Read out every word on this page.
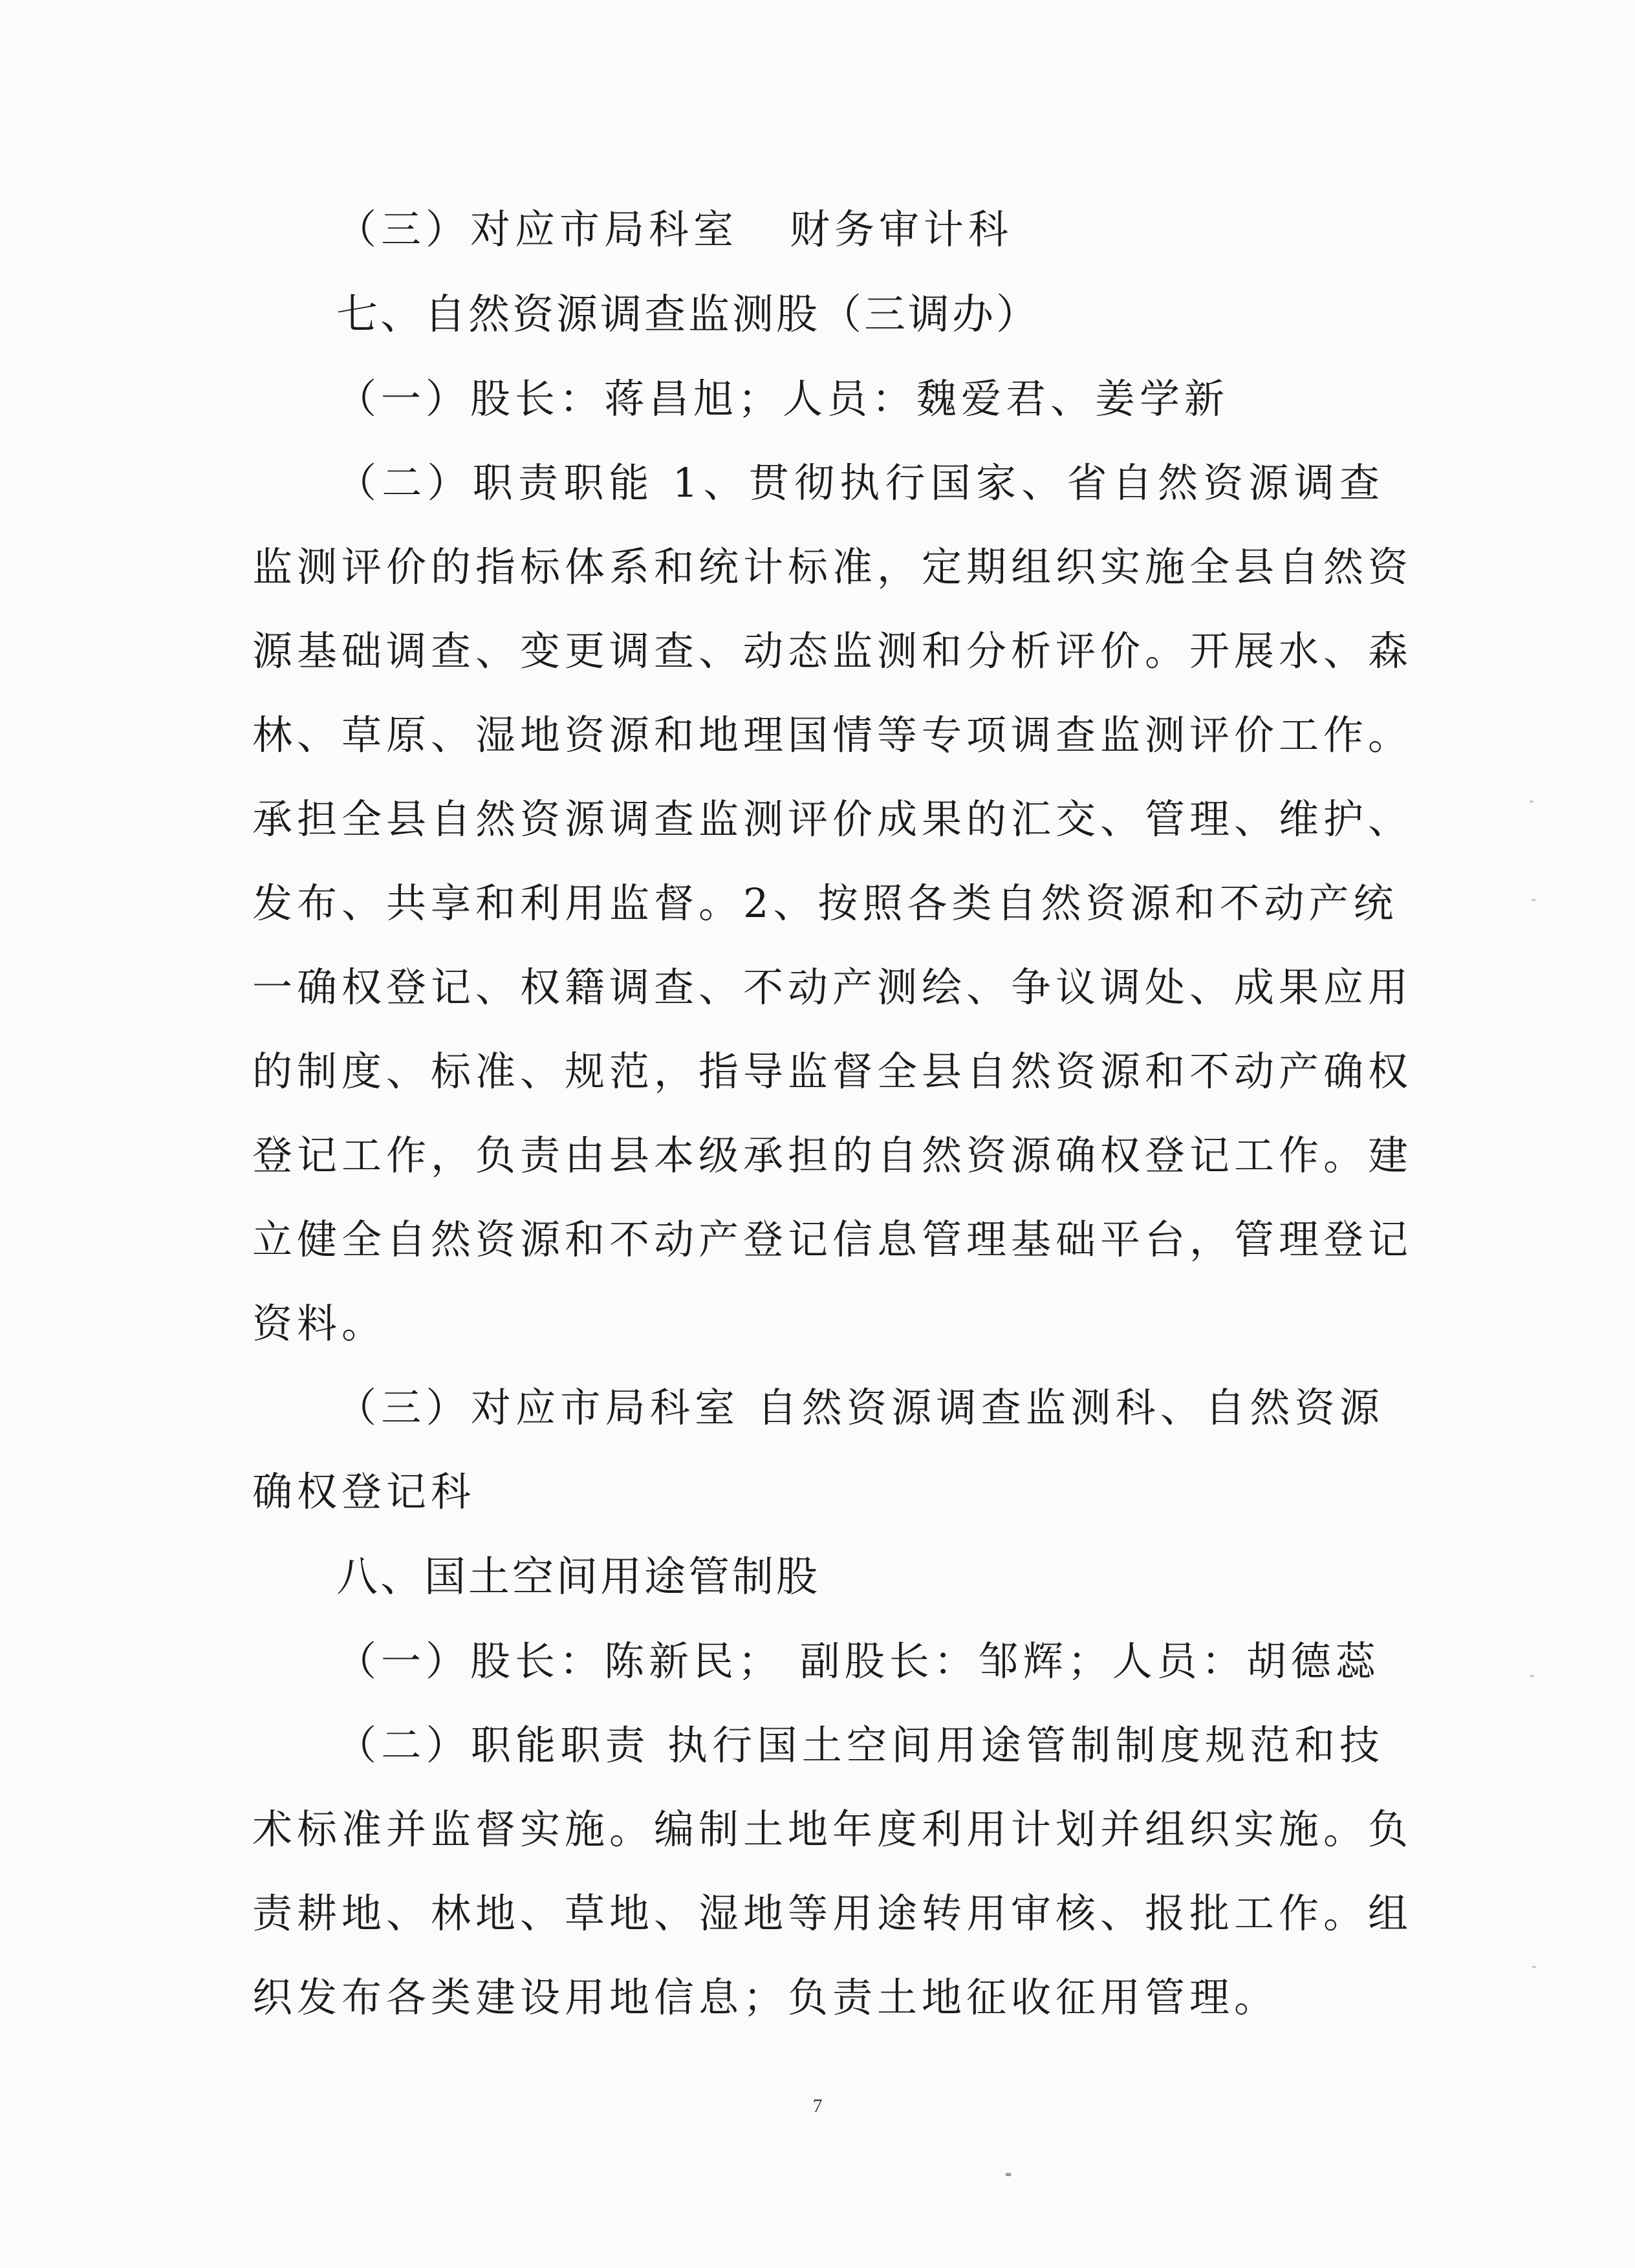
（三）对应市局科室 财务审计科
七、自然资源调查监测股（三调办）
（一）股长：蒋昌旭；人员：魏爱君、姜学新
（二）职责职能 1、贯彻执行国家、省自然资源调查
监测评价的指标体系和统计标准，定期组织实施全县自然资
源基础调查、变更调查、动态监测和分析评价。开展水、森
林、草原、湿地资源和地理国情等专项调查监测评价工作。
承担全县自然资源调查监测评价成果的汇交、管理、维护、
发布、共享和利用监督。2、按照各类自然资源和不动产统
一确权登记、权籍调查、不动产测绘、争议调处、成果应用
的制度、标准、规范，指导监督全县自然资源和不动产确权
登记工作，负责由县本级承担的自然资源确权登记工作。建
立健全自然资源和不动产登记信息管理基础平台，管理登记
资料。
（三）对应市局科室 自然资源调查监测科、自然资源
确权登记科
八、国土空间用途管制股
（一）股长：陈新民； 副股长：邹辉；人员：胡德蕊
（二）职能职责 执行国土空间用途管制制度规范和技
术标准并监督实施。编制土地年度利用计划并组织实施。负
责耕地、林地、草地、湿地等用途转用审核、报批工作。组
织发布各类建设用地信息；负责土地征收征用管理。
7
